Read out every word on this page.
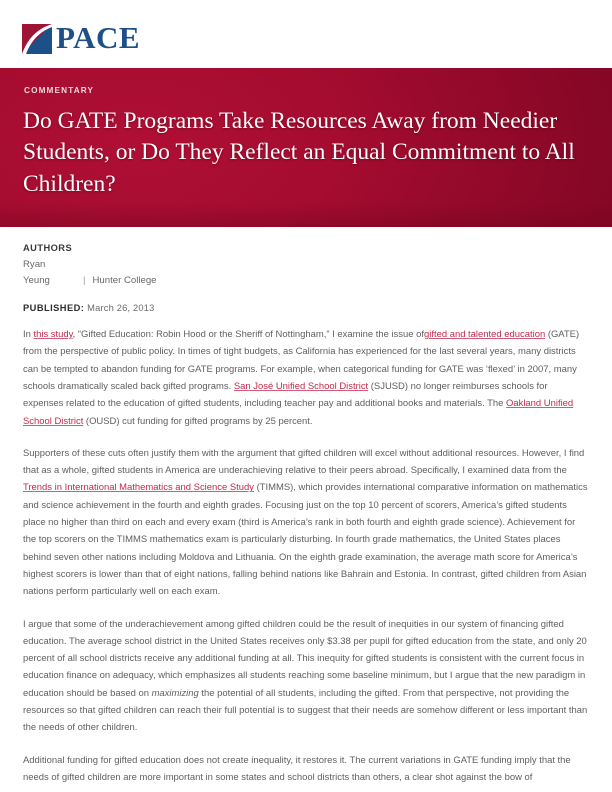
PACE
COMMENTARY
Do GATE Programs Take Resources Away from Needier Students, or Do They Reflect an Equal Commitment to All Children?
AUTHORS
Ryan
Yeung	| Hunter College
PUBLISHED: March 26, 2013

In this study, “Gifted Education: Robin Hood or the Sheriff of Nottingham,” I examine the issue ofgifted and talented education (GATE) from the perspective of public policy. In times of tight budgets, as California has experienced for the last several years, many districts can be tempted to abandon funding for GATE programs. For example, when categorical funding for GATE was ‘flexed’ in 2007, many schools dramatically scaled back gifted programs. San José Unified School District (SJUSD) no longer reimburses schools for expenses related to the education of gifted students, including teacher pay and additional books and materials. The Oakland Unified School District (OUSD) cut funding for gifted programs by 25 percent.

Supporters of these cuts often justify them with the argument that gifted children will excel without additional resources. However, I find that as a whole, gifted students in America are underachieving relative to their peers abroad. Specifically, I examined data from the Trends in International Mathematics and Science Study (TIMMS), which provides international comparative information on mathematics and science achievement in the fourth and eighth grades. Focusing just on the top 10 percent of scorers, America’s gifted students place no higher than third on each and every exam (third is America’s rank in both fourth and eighth grade science). Achievement for the top scorers on the TIMMS mathematics exam is particularly disturbing. In fourth grade mathematics, the United States places behind seven other nations including Moldova and Lithuania. On the eighth grade examination, the average math score for America’s highest scorers is lower than that of eight nations, falling behind nations like Bahrain and Estonia. In contrast, gifted children from Asian nations perform particularly well on each exam.

I argue that some of the underachievement among gifted children could be the result of inequities in our system of financing gifted education. The average school district in the United States receives only $3.38 per pupil for gifted education from the state, and only 20 percent of all school districts receive any additional funding at all. This inequity for gifted students is consistent with the current focus in education finance on adequacy, which emphasizes all students reaching some baseline minimum, but I argue that the new paradigm in education should be based on maximizing the potential of all students, including the gifted. From that perspective, not providing the resources so that gifted children can reach their full potential is to suggest that their needs are somehow different or less important than the needs of other children.

Additional funding for gifted education does not create inequality, it restores it. The current variations in GATE funding imply that the needs of gifted children are more important in some states and school districts than others, a clear shot against the bow of
